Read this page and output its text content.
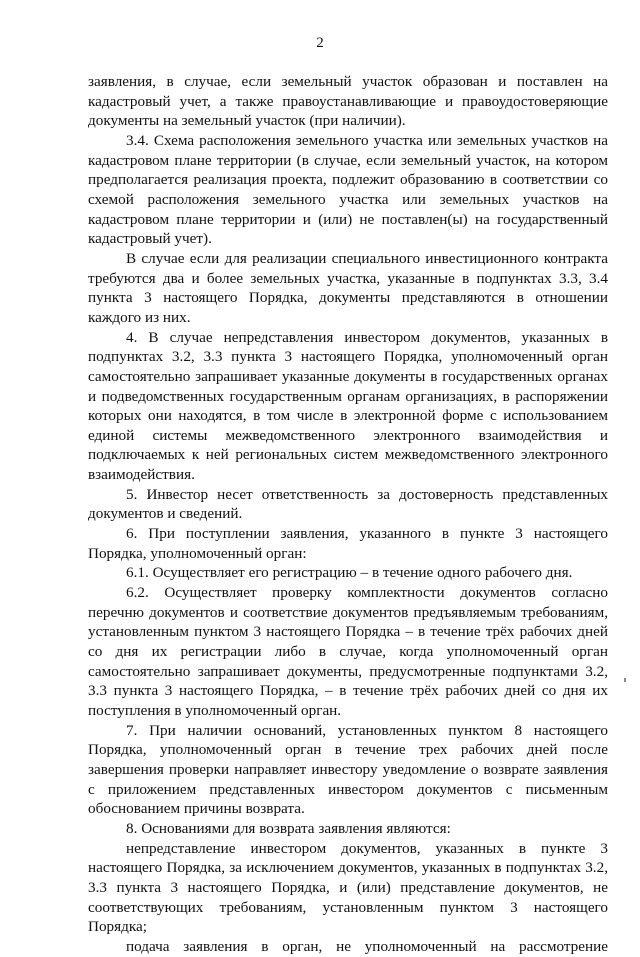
2

заявления, в случае, если земельный участок образован и поставлен на кадастровый учет, а также правоустанавливающие и правоудостоверяющие документы на земельный участок (при наличии).

3.4. Схема расположения земельного участка или земельных участков на кадастровом плане территории (в случае, если земельный участок, на котором предполагается реализация проекта, подлежит образованию в соответствии со схемой расположения земельного участка или земельных участков на кадастровом плане территории и (или) не поставлен(ы) на государственный кадастровый учет).

В случае если для реализации специального инвестиционного контракта требуются два и более земельных участка, указанные в подпунктах 3.3, 3.4 пункта 3 настоящего Порядка, документы представляются в отношении каждого из них.

4. В случае непредставления инвестором документов, указанных в подпунктах 3.2, 3.3 пункта 3 настоящего Порядка, уполномоченный орган самостоятельно запрашивает указанные документы в государственных органах и подведомственных государственным органам организациях, в распоряжении которых они находятся, в том числе в электронной форме с использованием единой системы межведомственного электронного взаимодействия и подключаемых к ней региональных систем межведомственного электронного взаимодействия.

5. Инвестор несет ответственность за достоверность представленных документов и сведений.

6. При поступлении заявления, указанного в пункте 3 настоящего Порядка, уполномоченный орган:

6.1. Осуществляет его регистрацию – в течение одного рабочего дня.

6.2. Осуществляет проверку комплектности документов согласно перечню документов и соответствие документов предъявляемым требованиям, установленным пунктом 3 настоящего Порядка – в течение трёх рабочих дней со дня их регистрации либо в случае, когда уполномоченный орган самостоятельно запрашивает документы, предусмотренные подпунктами 3.2, 3.3 пункта 3 настоящего Порядка, – в течение трёх рабочих дней со дня их поступления в уполномоченный орган.

7. При наличии оснований, установленных пунктом 8 настоящего Порядка, уполномоченный орган в течение трех рабочих дней после завершения проверки направляет инвестору уведомление о возврате заявления с приложением представленных инвестором документов с письменным обоснованием причины возврата.

8. Основаниями для возврата заявления являются:

непредставление инвестором документов, указанных в пункте 3 настоящего Порядка, за исключением документов, указанных в подпунктах 3.2, 3.3 пункта 3 настоящего Порядка, и (или) представление документов, не соответствующих требованиям, установленным пунктом 3 настоящего Порядка;

подача заявления в орган, не уполномоченный на рассмотрение
